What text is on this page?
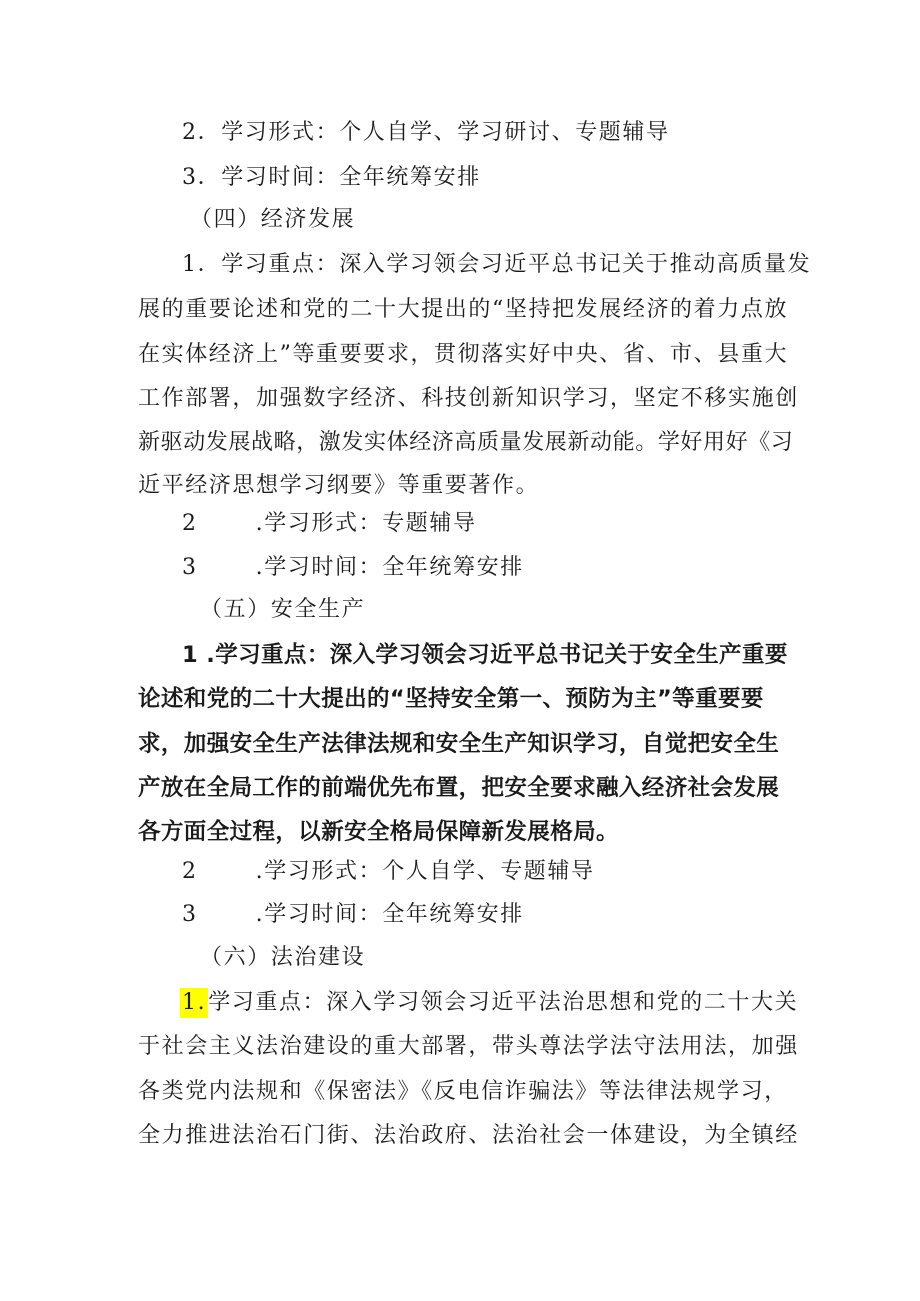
2．学习形式：个人自学、学习研讨、专题辅导
3．学习时间：全年统筹安排
（四）经济发展
1．学习重点：深入学习领会习近平总书记关于推动高质量发
展的重要论述和党的二十大提出的“坚持把发展经济的着力点放
在实体经济上”等重要要求，贯彻落实好中央、省、市、县重大
工作部署，加强数字经济、科技创新知识学习，坚定不移实施创
新驱动发展战略，激发实体经济高质量发展新动能。学好用好《习
近平经济思想学习纲要》等重要著作。
2	.学习形式：专题辅导
3	.学习时间：全年统筹安排
（五）安全生产
1 .学习重点：深入学习领会习近平总书记关于安全生产重要
论述和党的二十大提出的“坚持安全第一、预防为主”等重要要
求，加强安全生产法律法规和安全生产知识学习，自觉把安全生
产放在全局工作的前端优先布置，把安全要求融入经济社会发展
各方面全过程，以新安全格局保障新发展格局。
2	.学习形式：个人自学、专题辅导
3	.学习时间：全年统筹安排
（六）法治建设
1.学习重点：深入学习领会习近平法治思想和党的二十大关
于社会主义法治建设的重大部署，带头尊法学法守法用法，加强
各类党内法规和《保密法》《反电信诈骗法》等法律法规学习，
全力推进法治石门街、法治政府、法治社会一体建设，为全镇经
